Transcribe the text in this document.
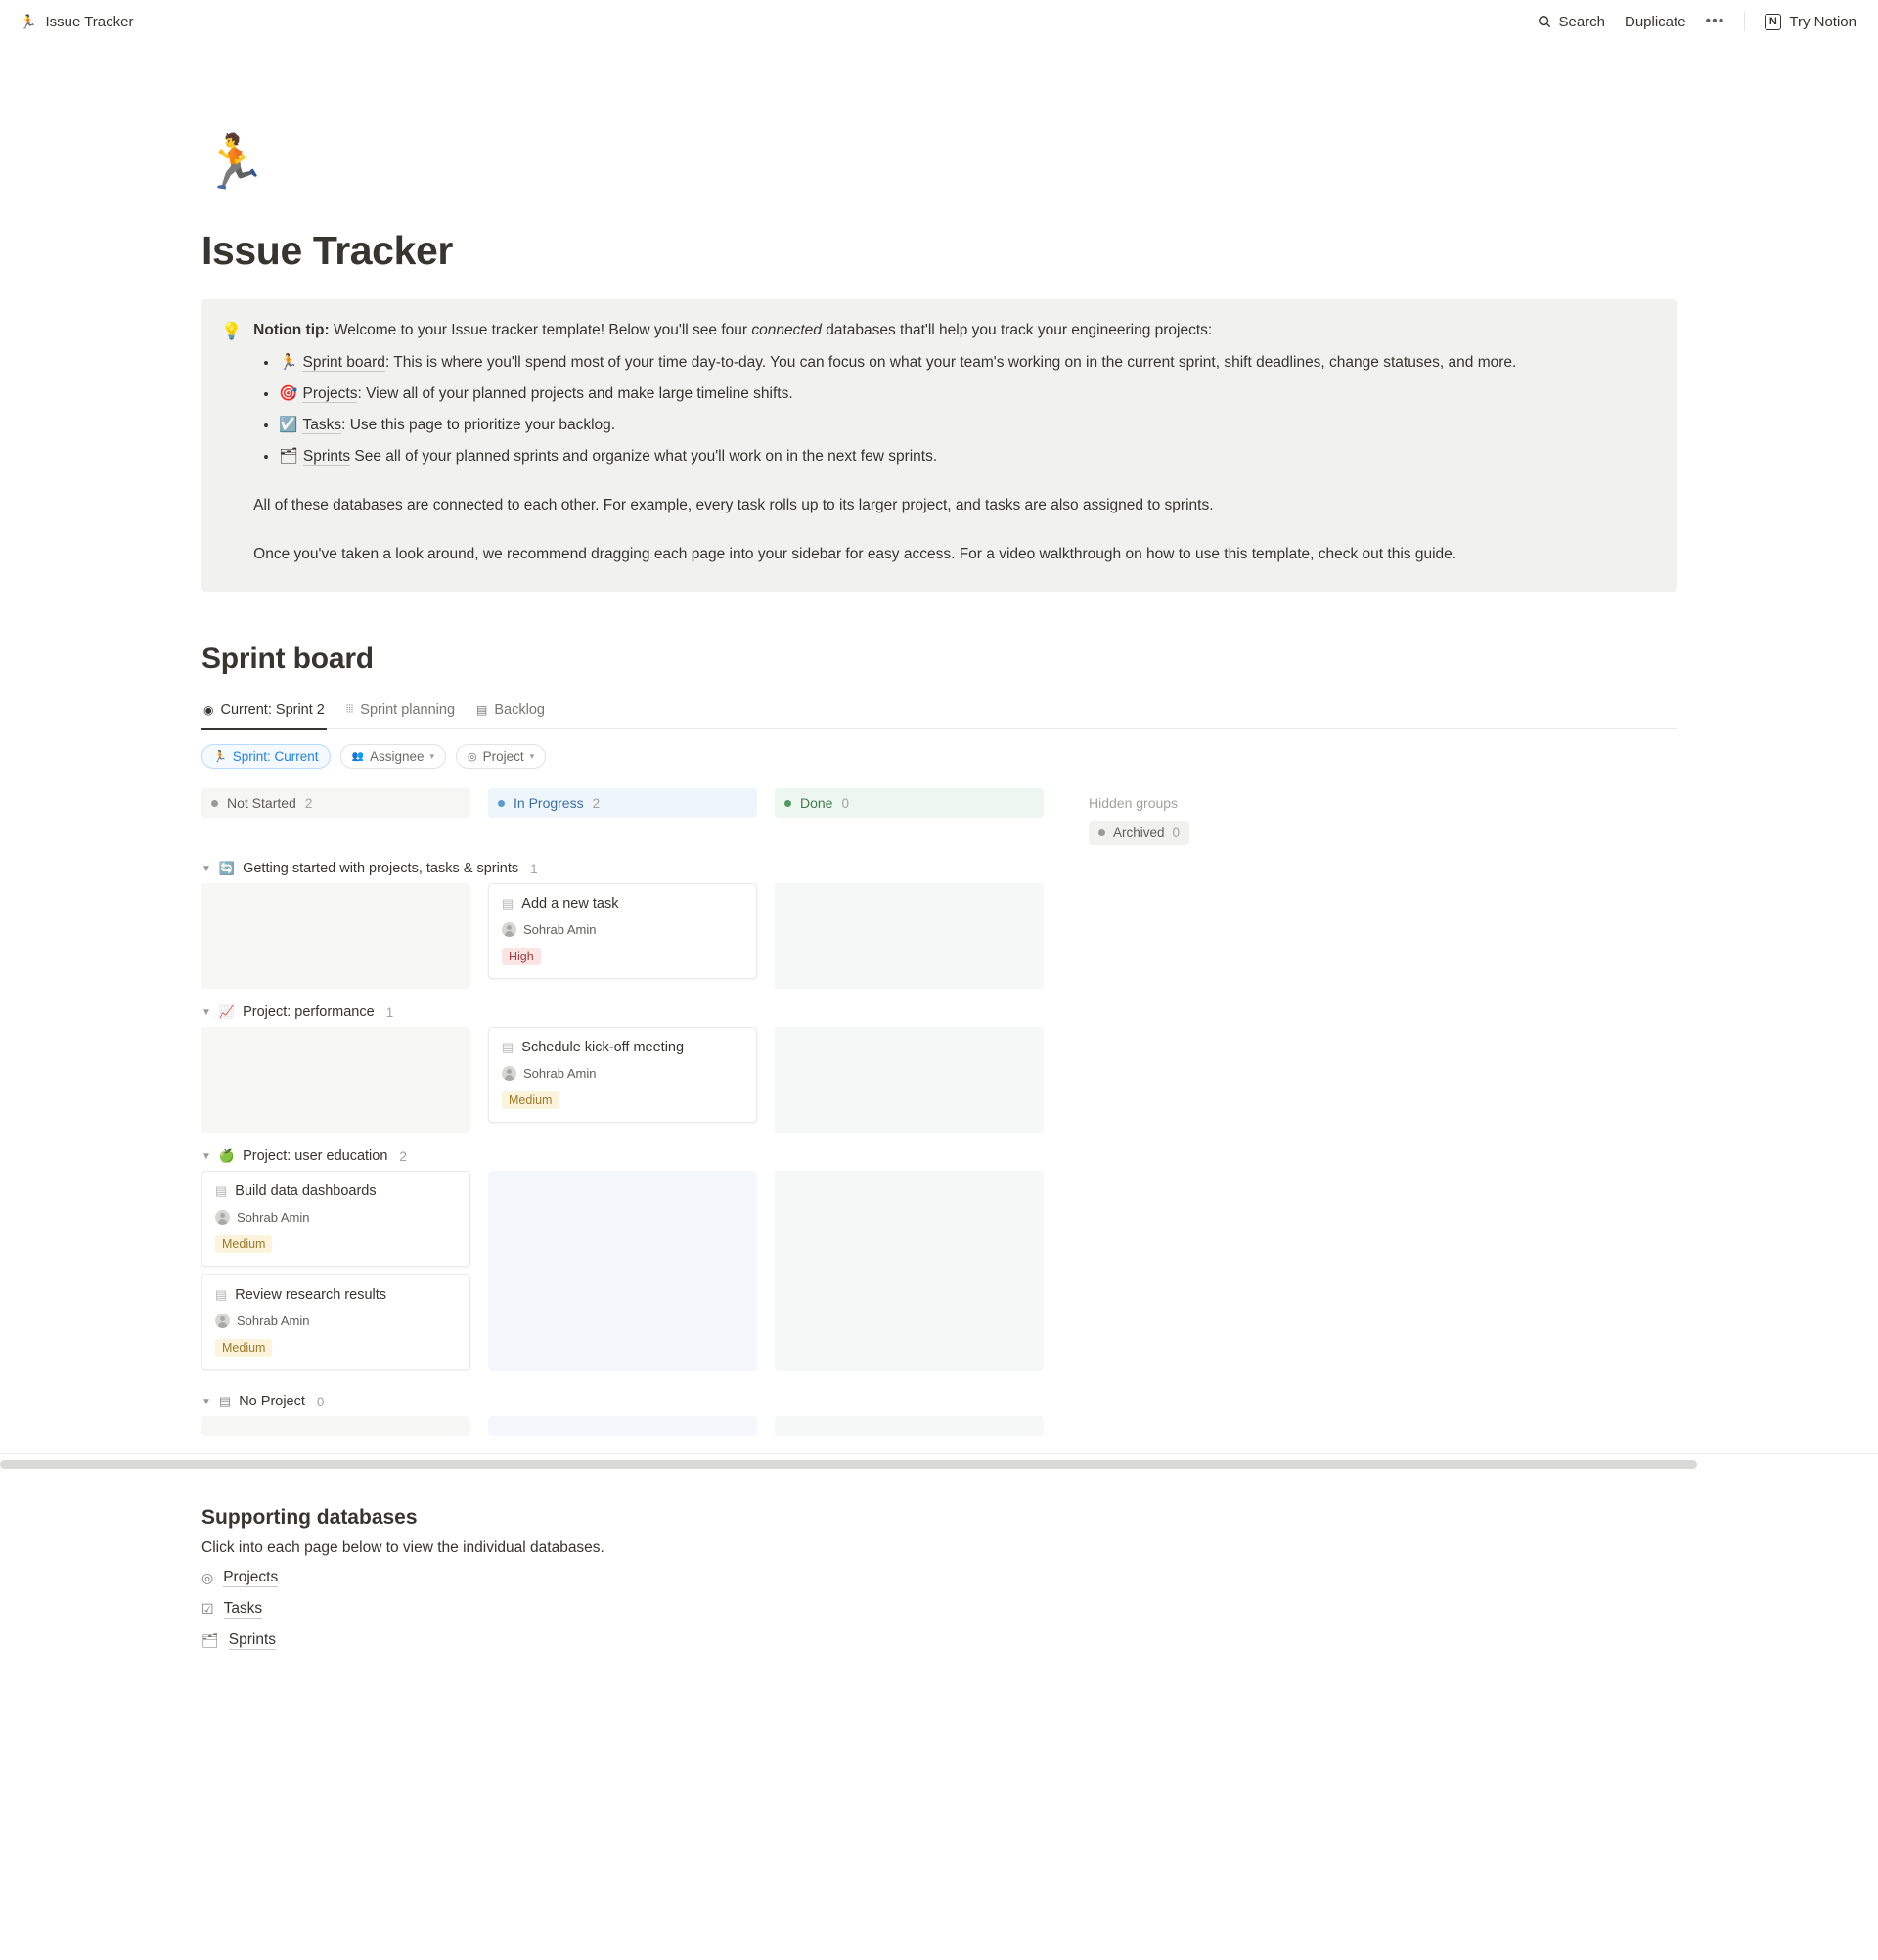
🏃 Issue Tracker	Search Duplicate •••	N Try Notion
🏃
Issue Tracker
💡 Notion tip: Welcome to your Issue tracker template! Below you'll see four connected databases that'll help you track your engineering projects:

• 🏃 Sprint board: This is where you'll spend most of your time day-to-day. You can focus on what your team's working on in the current sprint, shift deadlines, change statuses, and more.
• 🎯 Projects: View all of your planned projects and make large timeline shifts.
• ☑️ Tasks: Use this page to prioritize your backlog.
• 🗂 Sprints See all of your planned sprints and organize what you'll work on in the next few sprints.

All of these databases are connected to each other. For example, every task rolls up to its larger project, and tasks are also assigned to sprints.

Once you've taken a look around, we recommend dragging each page into your sidebar for easy access. For a video walkthrough on how to use this template, check out this guide.

Sprint board
◉ Current: Sprint 2 ⦙⦙⦙ Sprint planning ▤ Backlog
🏃 Sprint: Current	👥 Assignee ▾	◎ Project ▾
Not Started 2	In Progress 2	Done 0	Hidden groups
Archived 0
▼ 🔄 Getting started with projects, tasks & sprints 1
▤ Add a new task
Sohrab Amin
High
▼ 📈 Project: performance 1
▤ Schedule kick-off meeting
Sohrab Amin
Medium
▼ 🍏 Project: user education 2
▤ Build data dashboards
Sohrab Amin
Medium
▤ Review research results
Sohrab Amin
Medium
▼ ▤ No Project 0
Supporting databases

Click into each page below to view the individual databases.

◎ Projects
☑ Tasks
🗂 Sprints
